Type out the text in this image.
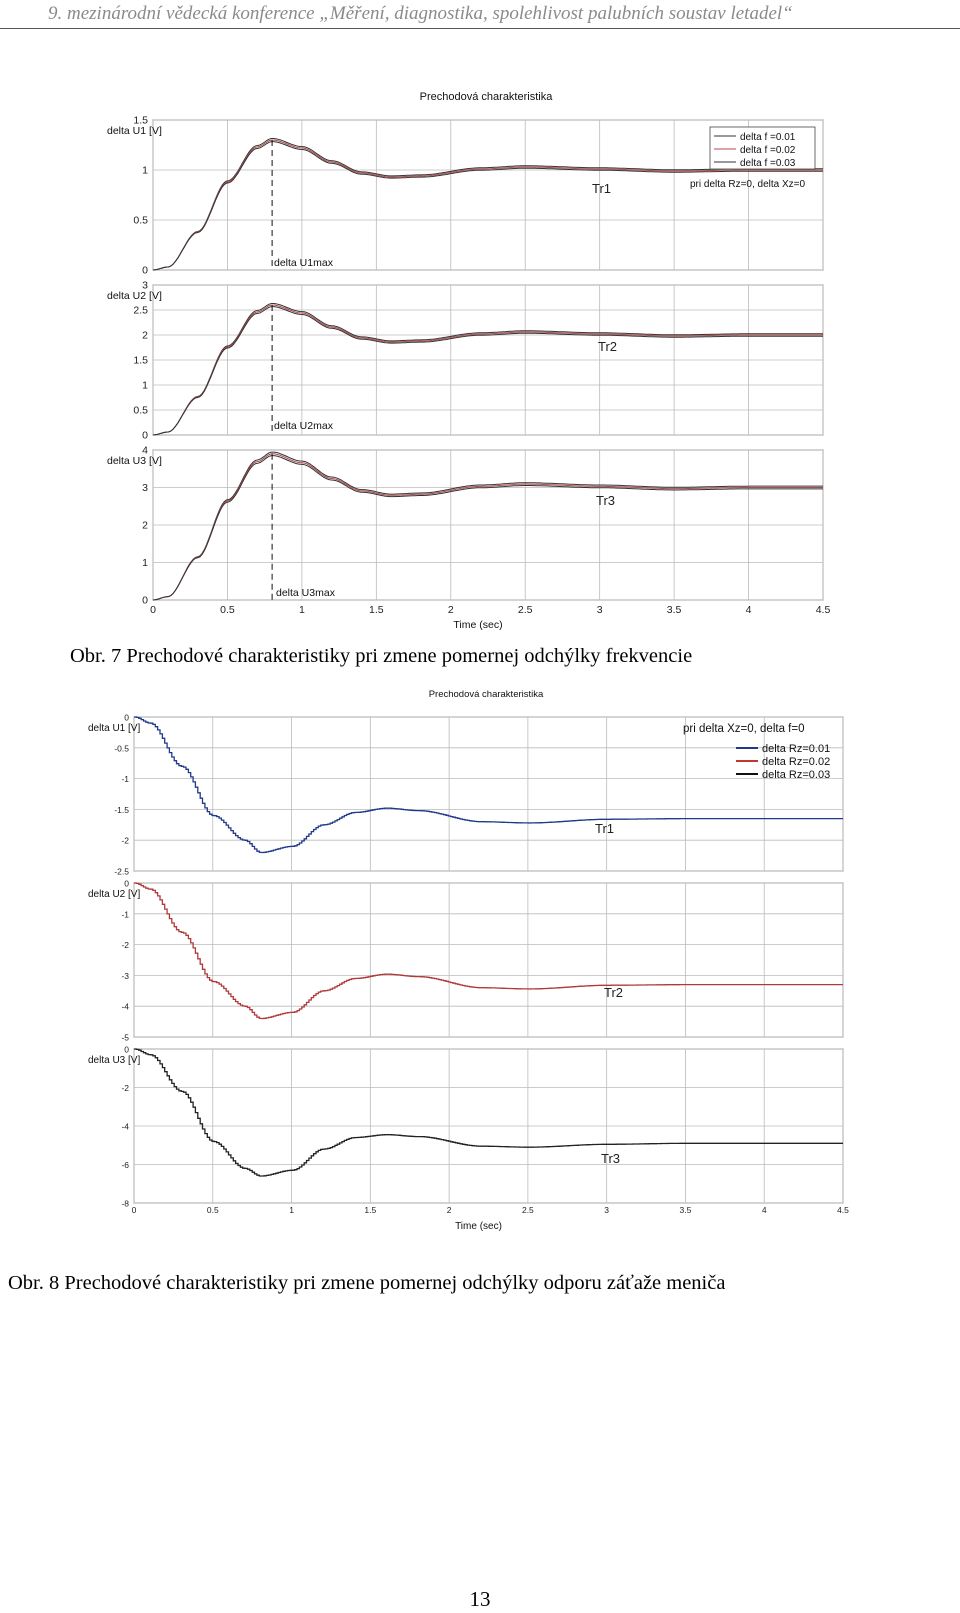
9. mezinárodní vědecká konference „Měření, diagnostika, spolehlivost palubních soustav letadel“
Prechodová charakteristika
0
0.5
1
1.5
delta U1 [V]
delta U1max
Tr1
0
0.5
1
1.5
2
2.5
3
delta U2 [V]
delta U2max
Tr2
0
1
2
3
4
delta U3 [V]
delta U3max
Tr3
0	0.5	1	1.5	2	2.5	3	3.5	4	4.5
Time (sec)
delta f =0.01
delta f =0.02
delta f =0.03
pri delta Rz=0, delta Xz=0
Obr. 7 Prechodové charakteristiky pri zmene pomernej odchýlky frekvencie
Prechodová charakteristika
0
-0.5
-1
-1.5
-2
-2.5
delta U1 [V]
Tr1
0
-1
-2
-3
-4
-5
delta U2 [V]
Tr2
0
-2
-4
-6
-8
delta U3 [V]
Tr3
0	0.5	1	1.5	2	2.5	3	3.5	4	4.5
Time (sec)
delta Rz=0.01
delta Rz=0.02
delta Rz=0.03
pri delta Xz=0, delta f=0
Obr. 8 Prechodové charakteristiky pri zmene pomernej odchýlky odporu záťaže meniča
13
